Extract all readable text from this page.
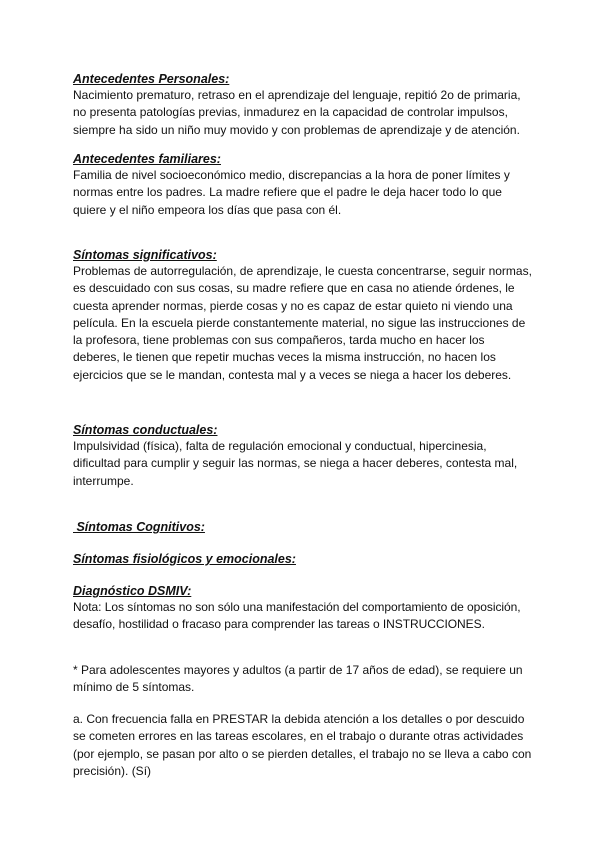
Antecedentes Personales:

Nacimiento prematuro, retraso en el aprendizaje del lenguaje, repitió 2o de primaria, no presenta patologías previas, inmadurez en la capacidad de controlar impulsos, siempre ha sido un niño muy movido y con problemas de aprendizaje y de atención.

Antecedentes familiares:

Familia de nivel socioeconómico medio, discrepancias a la hora de poner límites y normas entre los padres. La madre refiere que el padre le deja hacer todo lo que quiere y el niño empeora los días que pasa con él.

Síntomas significativos:

Problemas de autorregulación, de aprendizaje, le cuesta concentrarse, seguir normas, es descuidado con sus cosas, su madre refiere que en casa no atiende órdenes, le cuesta aprender normas, pierde cosas y no es capaz de estar quieto ni viendo una película. En la escuela pierde constantemente material, no sigue las instrucciones de la profesora, tiene problemas con sus compañeros, tarda mucho en hacer los deberes, le tienen que repetir muchas veces la misma instrucción, no hacen los ejercicios que se le mandan, contesta mal y a veces se niega a hacer los deberes.

Síntomas conductuales:

Impulsividad (física), falta de regulación emocional y conductual, hipercinesia, dificultad para cumplir y seguir las normas, se niega a hacer deberes, contesta mal, interrumpe.

Síntomas Cognitivos:

Síntomas fisiológicos y emocionales:

Diagnóstico DSMIV:

Nota: Los síntomas no son sólo una manifestación del comportamiento de oposición, desafío, hostilidad o fracaso para comprender las tareas o INSTRUCCIONES.

* Para adolescentes mayores y adultos (a partir de 17 años de edad), se requiere un mínimo de 5 síntomas.

a. Con frecuencia falla en PRESTAR la debida atención a los detalles o por descuido se cometen errores en las tareas escolares, en el trabajo o durante otras actividades (por ejemplo, se pasan por alto o se pierden detalles, el trabajo no se lleva a cabo con precisión). (Sí)
